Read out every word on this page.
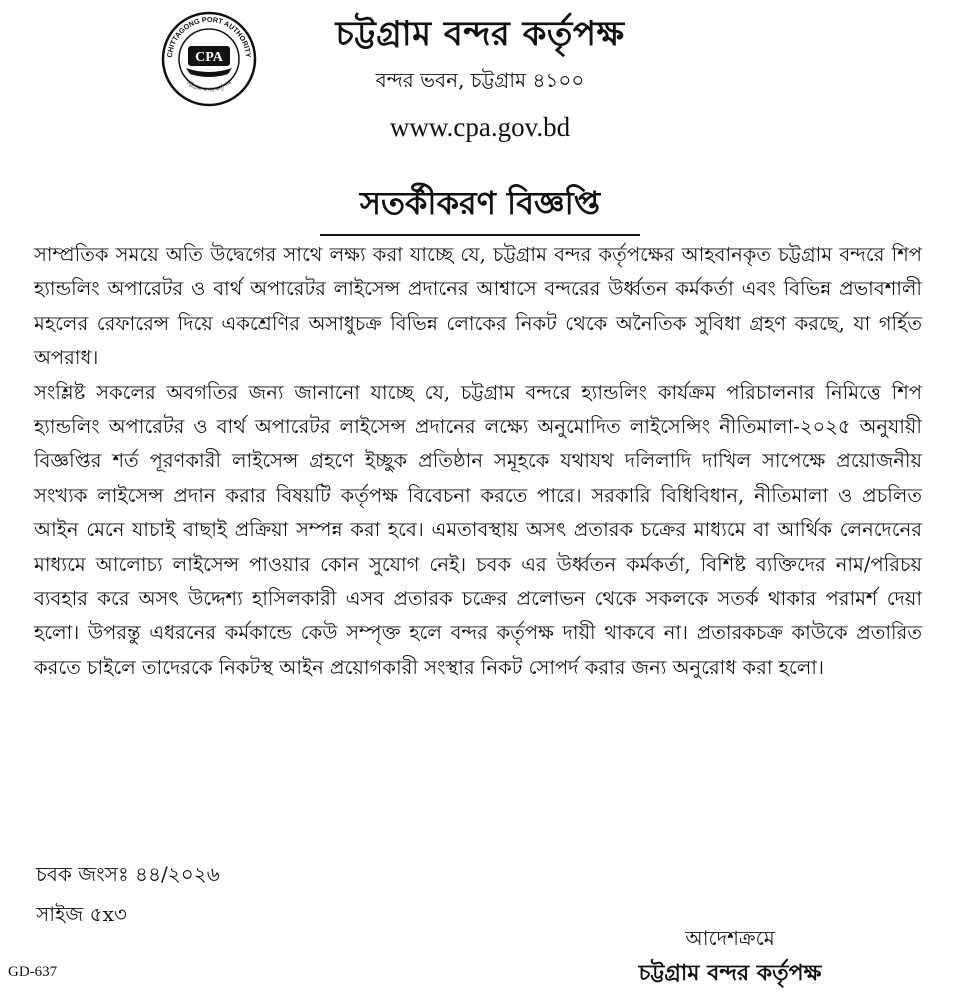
CHITTAGONG PORT AUTHORITY
চট্টগ্রাম বন্দর কর্তৃপক্ষ
CPA
চট্টগ্রাম বন্দর কর্তৃপক্ষ
বন্দর ভবন, চট্টগ্রাম ৪১০০
www.cpa.gov.bd
সতর্কীকরণ বিজ্ঞপ্তি

সাম্প্রতিক সময়ে অতি উদ্বেগের সাথে লক্ষ্য করা যাচ্ছে যে, চট্টগ্রাম বন্দর কর্তৃপক্ষের আহবানকৃত চট্টগ্রাম বন্দরে শিপ হ্যান্ডলিং অপারেটর ও বার্থ অপারেটর লাইসেন্স প্রদানের আশ্বাসে বন্দরের উর্ধ্বতন কর্মকর্তা এবং বিভিন্ন প্রভাবশালী মহলের রেফারেন্স দিয়ে একশ্রেণির অসাধুচক্র বিভিন্ন লোকের নিকট থেকে অনৈতিক সুবিধা গ্রহণ করছে, যা গর্হিত অপরাধ।

সংশ্লিষ্ট সকলের অবগতির জন্য জানানো যাচ্ছে যে, চট্টগ্রাম বন্দরে হ্যান্ডলিং কার্যক্রম পরিচালনার নিমিত্তে শিপ হ্যান্ডলিং অপারেটর ও বার্থ অপারেটর লাইসেন্স প্রদানের লক্ষ্যে অনুমোদিত লাইসেন্সিং নীতিমালা-২০২৫ অনুযায়ী বিজ্ঞপ্তির শর্ত পূরণকারী লাইসেন্স গ্রহণে ইচ্ছুক প্রতিষ্ঠান সমূহকে যথাযথ দলিলাদি দাখিল সাপেক্ষে প্রয়োজনীয় সংখ্যক লাইসেন্স প্রদান করার বিষয়টি কর্তৃপক্ষ বিবেচনা করতে পারে। সরকারি বিধিবিধান, নীতিমালা ও প্রচলিত আইন মেনে যাচাই বাছাই প্রক্রিয়া সম্পন্ন করা হবে। এমতাবস্থায় অসৎ প্রতারক চক্রের মাধ্যমে বা আর্থিক লেনদেনের মাধ্যমে আলোচ্য লাইসেন্স পাওয়ার কোন সুযোগ নেই। চবক এর উর্ধ্বতন কর্মকর্তা, বিশিষ্ট ব্যক্তিদের নাম/পরিচয় ব্যবহার করে অসৎ উদ্দেশ্য হাসিলকারী এসব প্রতারক চক্রের প্রলোভন থেকে সকলকে সতর্ক থাকার পরামর্শ দেয়া হলো। উপরন্তু এধরনের কর্মকান্ডে কেউ সম্পৃক্ত হলে বন্দর কর্তৃপক্ষ দায়ী থাকবে না। প্রতারকচক্র কাউকে প্রতারিত করতে চাইলে তাদেরকে নিকটস্থ আইন প্রয়োগকারী সংস্থার নিকট সোপর্দ করার জন্য অনুরোধ করা হলো।

চবক জংসঃ ৪৪/২০২৬
সাইজ ৫x৩
GD-637
আদেশক্রমে
চট্টগ্রাম বন্দর কর্তৃপক্ষ
